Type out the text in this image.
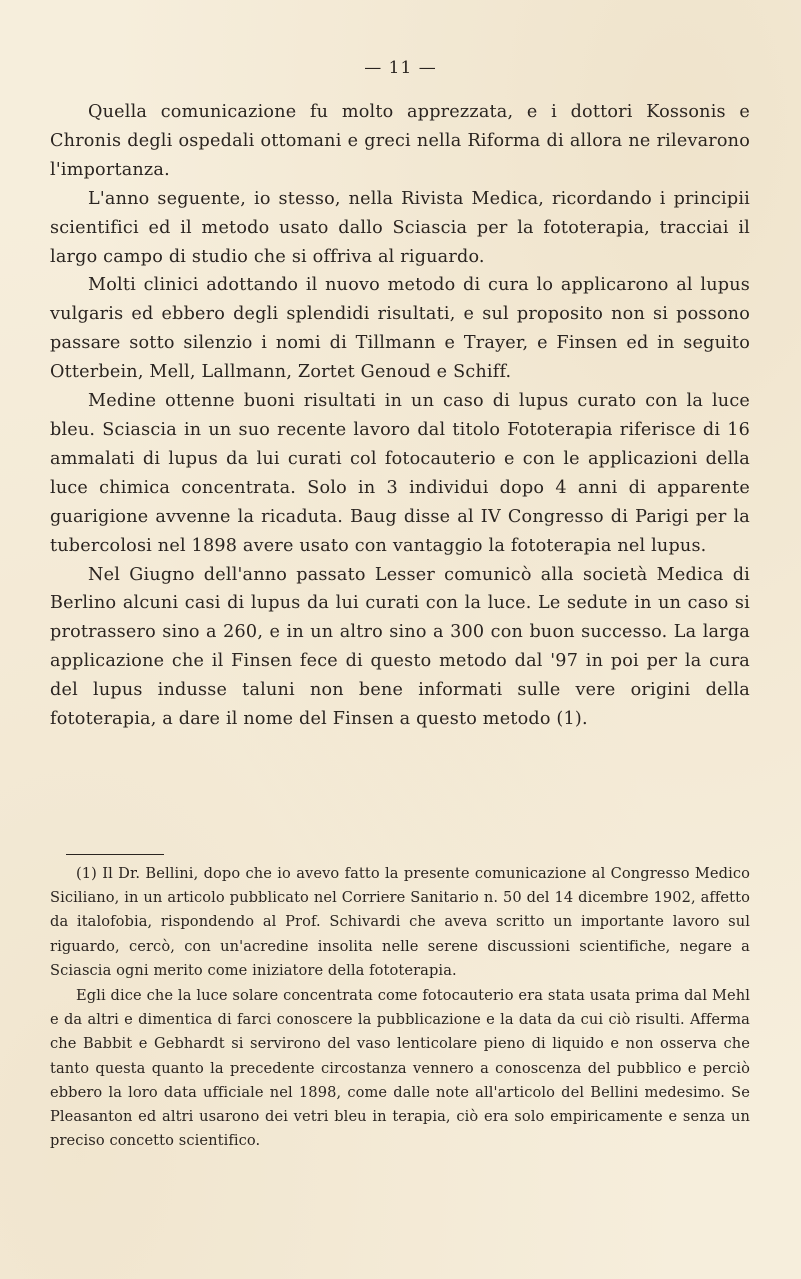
— 11 —

Quella comunicazione fu molto apprezzata, e i dottori Kossonis e Chronis degli ospedali ottomani e greci nella Riforma di allora ne rilevarono l'importanza.

L'anno seguente, io stesso, nella Rivista Medica, ricordando i principii scientifici ed il metodo usato dallo Sciascia per la fototerapia, tracciai il largo campo di studio che si offriva al riguardo.

Molti clinici adottando il nuovo metodo di cura lo applicarono al lupus vulgaris ed ebbero degli splendidi risultati, e sul proposito non si possono passare sotto silenzio i nomi di Tillmann e Trayer, e Finsen ed in seguito Otterbein, Mell, Lallmann, Zortet Genoud e Schiff.

Medine ottenne buoni risultati in un caso di lupus curato con la luce bleu. Sciascia in un suo recente lavoro dal titolo Fototerapia riferisce di 16 ammalati di lupus da lui curati col fotocauterio e con le applicazioni della luce chimica concentrata. Solo in 3 individui dopo 4 anni di apparente guarigione avvenne la ricaduta. Baug disse al IV Congresso di Parigi per la tubercolosi nel 1898 avere usato con vantaggio la fototerapia nel lupus.

Nel Giugno dell'anno passato Lesser comunicò alla società Medica di Berlino alcuni casi di lupus da lui curati con la luce. Le sedute in un caso si protrassero sino a 260, e in un altro sino a 300 con buon successo. La larga applicazione che il Finsen fece di questo metodo dal '97 in poi per la cura del lupus indusse taluni non bene informati sulle vere origini della fototerapia, a dare il nome del Finsen a questo metodo (1).

(1) Il Dr. Bellini, dopo che io avevo fatto la presente comunicazione al Congresso Medico Siciliano, in un articolo pubblicato nel Corriere Sanitario n. 50 del 14 dicembre 1902, affetto da italofobia, rispondendo al Prof. Schivardi che aveva scritto un importante lavoro sul riguardo, cercò, con un'acredine insolita nelle serene discussioni scientifiche, negare a Sciascia ogni merito come iniziatore della fototerapia.

Egli dice che la luce solare concentrata come fotocauterio era stata usata prima dal Mehl e da altri e dimentica di farci conoscere la pubblicazione e la data da cui ciò risulti. Afferma che Babbit e Gebhardt si servirono del vaso lenticolare pieno di liquido e non osserva che tanto questa quanto la precedente circostanza vennero a conoscenza del pubblico e perciò ebbero la loro data ufficiale nel 1898, come dalle note all'articolo del Bellini medesimo. Se Pleasanton ed altri usarono dei vetri bleu in terapia, ciò era solo empiricamente e senza un preciso concetto scientifico.
